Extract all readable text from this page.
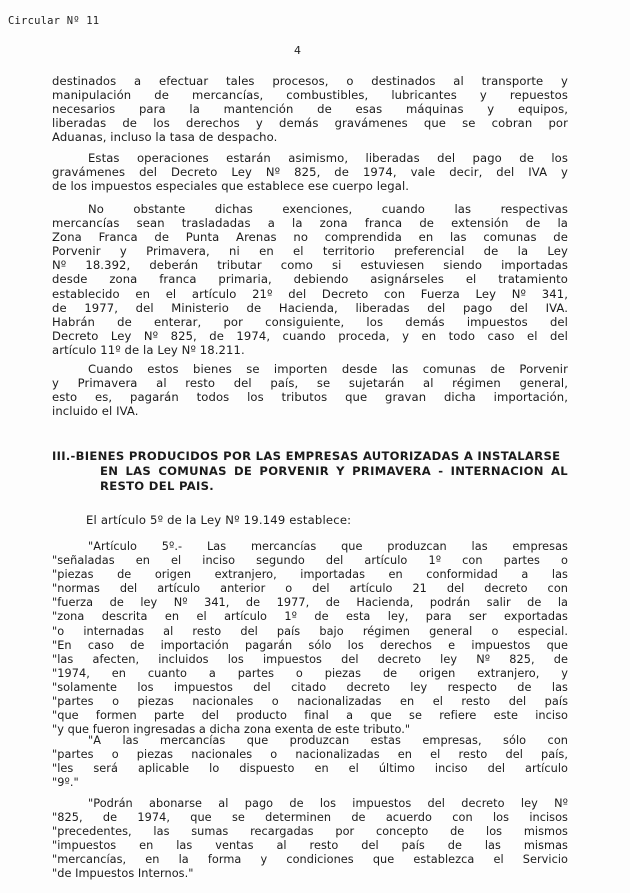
Circular Nº 11
4
destinados a efectuar tales procesos, o destinados al transporte y
manipulación de mercancías, combustibles, lubricantes y repuestos
necesarios para la mantención de esas máquinas y equipos,
liberadas de los derechos y demás gravámenes que se cobran por
Aduanas, incluso la tasa de despacho.
Estas operaciones estarán asimismo, liberadas del pago de los
gravámenes del Decreto Ley Nº 825, de 1974, vale decir, del IVA y
de los impuestos especiales que establece ese cuerpo legal.
No obstante dichas exenciones, cuando las respectivas
mercancías sean trasladadas a la zona franca de extensión de la
Zona Franca de Punta Arenas no comprendida en las comunas de
Porvenir y Primavera, ni en el territorio preferencial de la Ley
Nº 18.392, deberán tributar como si estuviesen siendo importadas
desde zona franca primaria, debiendo asignárseles el tratamiento
establecido en el artículo 21º del Decreto con Fuerza Ley Nº 341,
de 1977, del Ministerio de Hacienda, liberadas del pago del IVA.
Habrán de enterar, por consiguiente, los demás impuestos del
Decreto Ley Nº 825, de 1974, cuando proceda, y en todo caso el del
artículo 11º de la Ley Nº 18.211.
Cuando estos bienes se importen desde las comunas de Porvenir
y Primavera al resto del país, se sujetarán al régimen general,
esto es, pagarán todos los tributos que gravan dicha importación,
incluido el IVA.
III.-BIENES PRODUCIDOS POR LAS EMPRESAS AUTORIZADAS A INSTALARSE
EN LAS COMUNAS DE PORVENIR Y PRIMAVERA - INTERNACION AL
RESTO DEL PAIS.
El artículo 5º de la Ley Nº 19.149 establece:
"Artículo 5º.- Las mercancías que produzcan las empresas
"señaladas en el inciso segundo del artículo 1º con partes o
"piezas de origen extranjero, importadas en conformidad a las
"normas del artículo anterior o del artículo 21 del decreto con
"fuerza de ley Nº 341, de 1977, de Hacienda, podrán salir de la
"zona descrita en el artículo 1º de esta ley, para ser exportadas
"o internadas al resto del país bajo régimen general o especial.
"En caso de importación pagarán sólo los derechos e impuestos que
"las afecten, incluidos los impuestos del decreto ley Nº 825, de
"1974, en cuanto a partes o piezas de origen extranjero, y
"solamente los impuestos del citado decreto ley respecto de las
"partes o piezas nacionales o nacionalizadas en el resto del país
"que formen parte del producto final a que se refiere este inciso
"y que fueron ingresadas a dicha zona exenta de este tributo."
"A las mercancías que produzcan estas empresas, sólo con
"partes o piezas nacionales o nacionalizadas en el resto del país,
"les será aplicable lo dispuesto en el último inciso del artículo
"9º."
"Podrán abonarse al pago de los impuestos del decreto ley Nº
"825, de 1974, que se determinen de acuerdo con los incisos
"precedentes, las sumas recargadas por concepto de los mismos
"impuestos en las ventas al resto del país de las mismas
"mercancías, en la forma y condiciones que establezca el Servicio
"de Impuestos Internos."
